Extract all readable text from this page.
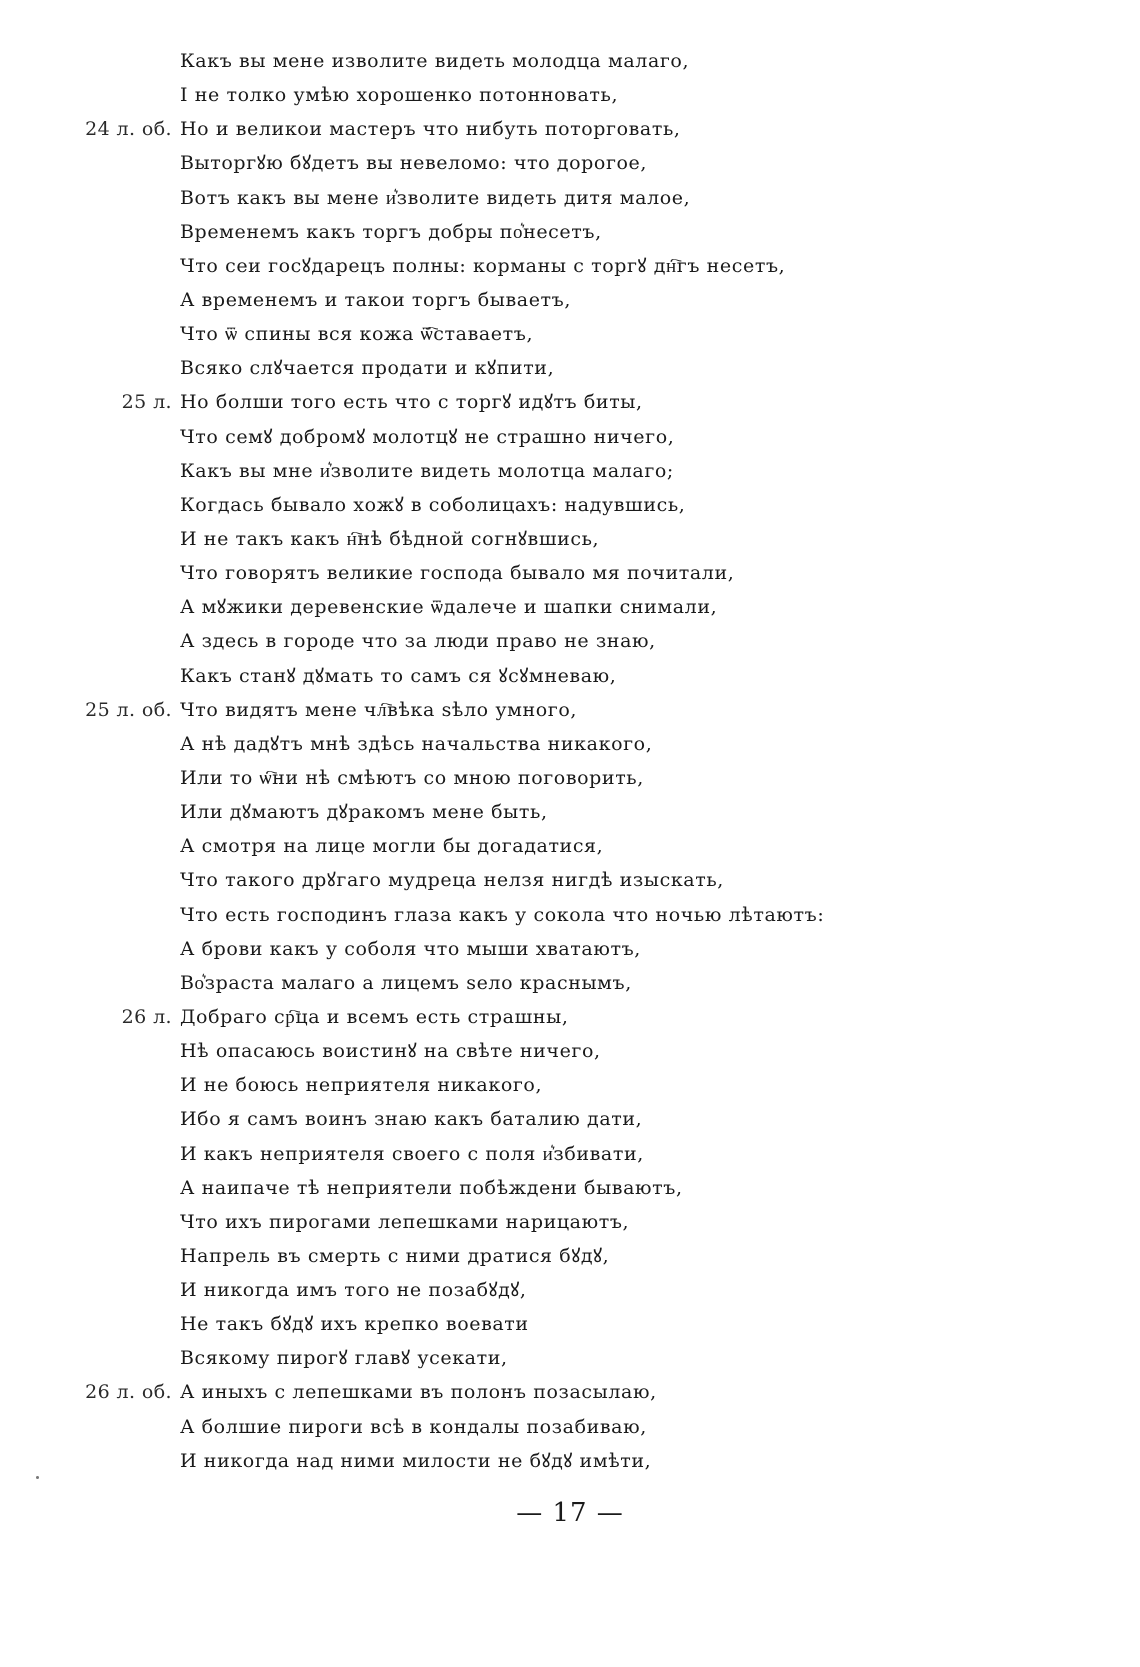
Какъ вы мене изволите видеть молодца малаго,
І не толко умѣю хорошенко потонновать,
24 л. об. Но и великои мастеръ что нибуть поторговать,
Выторгꙋю бꙋдетъ вы невеломо: что дорогое,
Вотъ какъ вы мене и͛зволите видеть дитя малое,
Временемъ какъ торгъ добры по͛несетъ,
Что сеи госꙋдарецъ полны: корманы с торгꙋ дн҇гъ несетъ,
А временемъ и такои торгъ бываетъ,
Что ѿ спины вся кожа ѿ҇ставаетъ,
Всяко слꙋчается продати и кꙋпити,
25 л. Но болши того есть что с торгꙋ идꙋтъ биты,
Что семꙋ добромꙋ молотцꙋ не страшно ничего,
Какъ вы мне и͛зволите видеть молотца малаго;
Когдась бывало хожꙋ в соболицахъ: надувшись,
И не такъ какъ н҇нѣ бѣдной согнꙋвшись,
Что говорятъ великие господа бывало мя почитали,
А мꙋжики деревенские ѿдалече и шапки снимали,
А здесь в городе что за люди право не знаю,
Какъ станꙋ дꙋмать то самъ ся ꙋсꙋмневаю,
25 л. об. Что видятъ мене чл҇вѣка ѕѣло умного,
А нѣ дадꙋтъ мнѣ здѣсь начальства никакого,
Или то ѡ҇ни нѣ смѣютъ со мною поговорить,
Или дꙋмаютъ дꙋракомъ мене быть,
А смотря на лице могли бы догадатися,
Что такого дрꙋгаго мудреца нелзя нигдѣ изыскать,
Что есть господинъ глаза какъ у сокола что ночью лѣтаютъ:
А брови какъ у соболя что мыши хватаютъ,
Во͛зраста малаго а лицемъ ѕело краснымъ,
26 л. Добраго ср҇ца и всемъ есть страшны,
Нѣ опасаюсь воистинꙋ на свѣте ничего,
И не боюсь неприятеля никакого,
Ибо я самъ воинъ знаю какъ баталию дати,
И какъ неприятеля своего с поля и͛збивати,
А наипаче тѣ неприятели побѣждени бываютъ,
Что ихъ пирогами лепешками нарицаютъ,
Напрель въ смерть с ними дратися бꙋдꙋ,
И никогда имъ того не позабꙋдꙋ,
Не такъ бꙋдꙋ ихъ крепко воевати
Всякому пирогꙋ главꙋ усекати,
26 л. об. А иныхъ с лепешками въ полонъ позасылаю,
А болшие пироги всѣ в кондалы позабиваю,
И никогда над ними милости не бꙋдꙋ имѣти,
— 17 —
